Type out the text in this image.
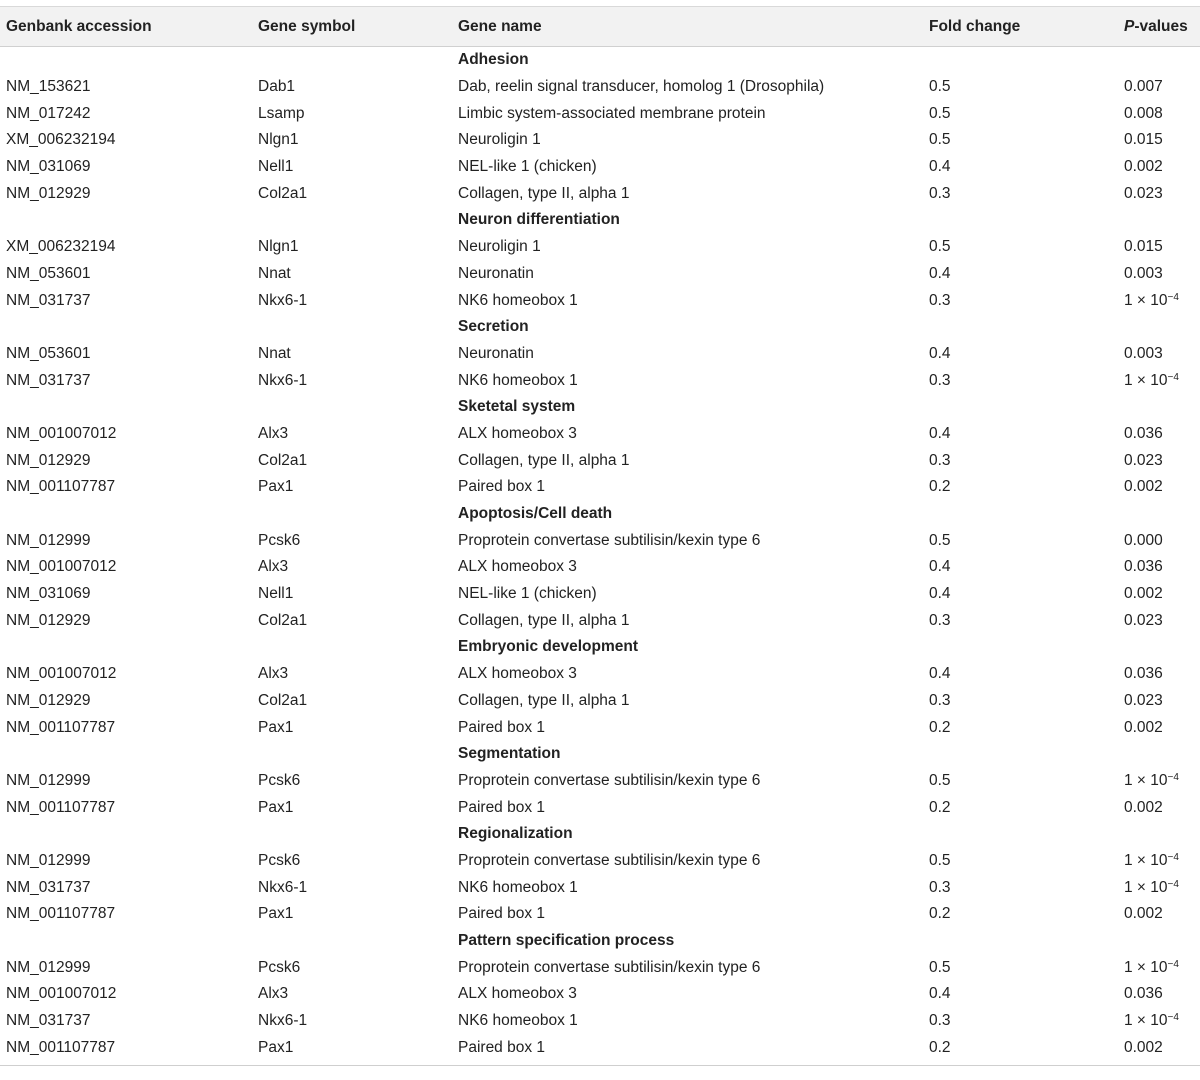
Genbank accession	Gene symbol	Gene name	Fold change	P-values
Adhesion
NM_153621	Dab1	Dab, reelin signal transducer, homolog 1 (Drosophila)	0.5	0.007
NM_017242	Lsamp	Limbic system-associated membrane protein	0.5	0.008
XM_006232194	Nlgn1	Neuroligin 1	0.5	0.015
NM_031069	Nell1	NEL-like 1 (chicken)	0.4	0.002
NM_012929	Col2a1	Collagen, type II, alpha 1	0.3	0.023
Neuron differentiation
XM_006232194	Nlgn1	Neuroligin 1	0.5	0.015
NM_053601	Nnat	Neuronatin	0.4	0.003
NM_031737	Nkx6-1	NK6 homeobox 1	0.3	$1 \times 10^{-4}$
Secretion
NM_053601	Nnat	Neuronatin	0.4	0.003
NM_031737	Nkx6-1	NK6 homeobox 1	0.3	$1 \times 10^{-4}$
Sketetal system
NM_001007012	Alx3	ALX homeobox 3	0.4	0.036
NM_012929	Col2a1	Collagen, type II, alpha 1	0.3	0.023
NM_001107787	Pax1	Paired box 1	0.2	0.002
Apoptosis/Cell death
NM_012999	Pcsk6	Proprotein convertase subtilisin/kexin type 6	0.5	0.000
NM_001007012	Alx3	ALX homeobox 3	0.4	0.036
NM_031069	Nell1	NEL-like 1 (chicken)	0.4	0.002
NM_012929	Col2a1	Collagen, type II, alpha 1	0.3	0.023
Embryonic development
NM_001007012	Alx3	ALX homeobox 3	0.4	0.036
NM_012929	Col2a1	Collagen, type II, alpha 1	0.3	0.023
NM_001107787	Pax1	Paired box 1	0.2	0.002
Segmentation
NM_012999	Pcsk6	Proprotein convertase subtilisin/kexin type 6	0.5	$1 \times 10^{-4}$
NM_001107787	Pax1	Paired box 1	0.2	0.002
Regionalization
NM_012999	Pcsk6	Proprotein convertase subtilisin/kexin type 6	0.5	$1 \times 10^{-4}$
NM_031737	Nkx6-1	NK6 homeobox 1	0.3	$1 \times 10^{-4}$
NM_001107787	Pax1	Paired box 1	0.2	0.002
Pattern specification process
NM_012999	Pcsk6	Proprotein convertase subtilisin/kexin type 6	0.5	$1 \times 10^{-4}$
NM_001007012	Alx3	ALX homeobox 3	0.4	0.036
NM_031737	Nkx6-1	NK6 homeobox 1	0.3	$1 \times 10^{-4}$
NM_001107787	Pax1	Paired box 1	0.2	0.002
